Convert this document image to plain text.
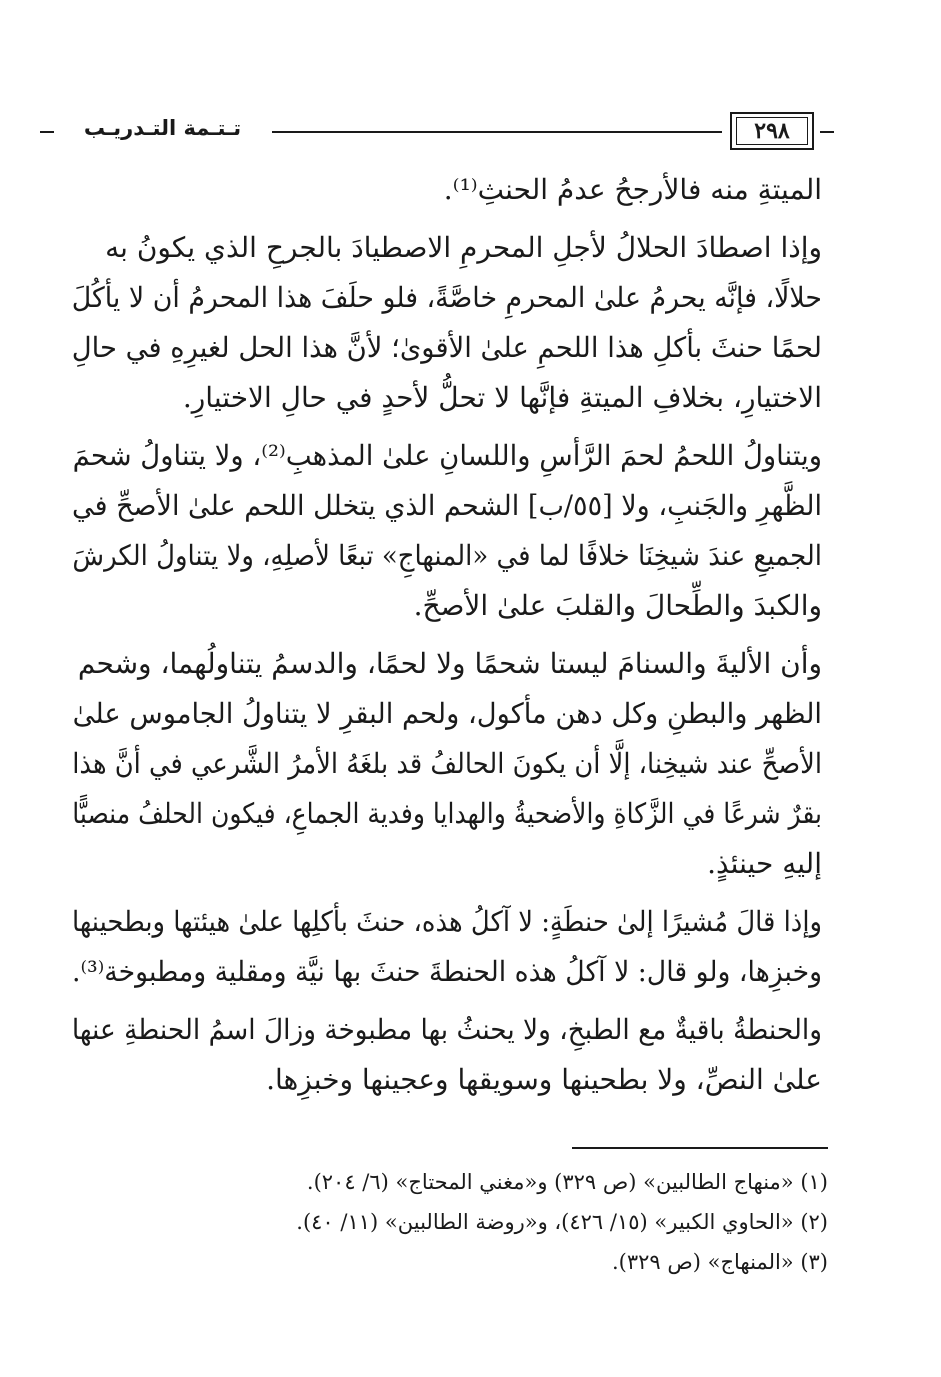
تـتـمة التـدريـب	٢٩٨

الميتةِ منه فالأرجحُ عدمُ الحنثِ⁽¹⁾.

وإذا اصطادَ الحلالُ لأجلِ المحرمِ الاصطيادَ بالجرحِ الذي يكونُ به
حلالًا، فإنَّه يحرمُ علىٰ المحرمِ خاصَّةً، فلو حلَفَ هذا المحرمُ أن لا يأكُلَ
لحمًا حنثَ بأكلِ هذا اللحمِ علىٰ الأقوىٰ؛ لأنَّ هذا الحل لغيرِهِ في حالِ
الاختيارِ، بخلافِ الميتةِ فإنَّها لا تحلُّ لأحدٍ في حالِ الاختيارِ.

ويتناولُ اللحمُ لحمَ الرَّأسِ واللسانِ علىٰ المذهبِ⁽²⁾، ولا يتناولُ شحمَ
الظَّهرِ والجَنبِ، ولا [٥٥/ب] الشحم الذي يتخلل اللحم علىٰ الأصحِّ في
الجميعِ عندَ شيخِنَا خلافًا لما في «المنهاجِ» تبعًا لأصلِهِ، ولا يتناولُ الكرشَ
والكبدَ والطِّحالَ والقلبَ علىٰ الأصحِّ.

وأن الأليةَ والسنامَ ليستا شحمًا ولا لحمًا، والدسمُ يتناولُهما، وشحم
الظهر والبطنِ وكل دهن مأكول، ولحم البقرِ لا يتناولُ الجاموس علىٰ
الأصحِّ عند شيخِنا، إلَّا أن يكونَ الحالفُ قد بلغَهُ الأمرُ الشَّرعي في أنَّ هذا
بقرٌ شرعًا في الزَّكاةِ والأضحيةُ والهدايا وفدية الجماعِ، فيكون الحلفُ منصبًّا
إليهِ حينئذٍ.

وإذا قالَ مُشيرًا إلىٰ حنطَةٍ: لا آكلُ هذه، حنثَ بأكلِها علىٰ هيئتها وبطحينها
وخبزِها، ولو قال: لا آكلُ هذه الحنطةَ حنثَ بها نيَّة ومقلية ومطبوخة⁽³⁾.

والحنطةُ باقيةٌ مع الطبخِ، ولا يحنثُ بها مطبوخة وزالَ اسمُ الحنطةِ عنها
علىٰ النصِّ، ولا بطحينها وسويقها وعجينها وخبزِها.

(١) «منهاج الطالبين» (ص ٣٢٩) و«مغني المحتاج» (٦/ ٢٠٤).
(٢) «الحاوي الكبير» (١٥/ ٤٢٦)، و«روضة الطالبين» (١١/ ٤٠).
(٣) «المنهاج» (ص ٣٢٩).
